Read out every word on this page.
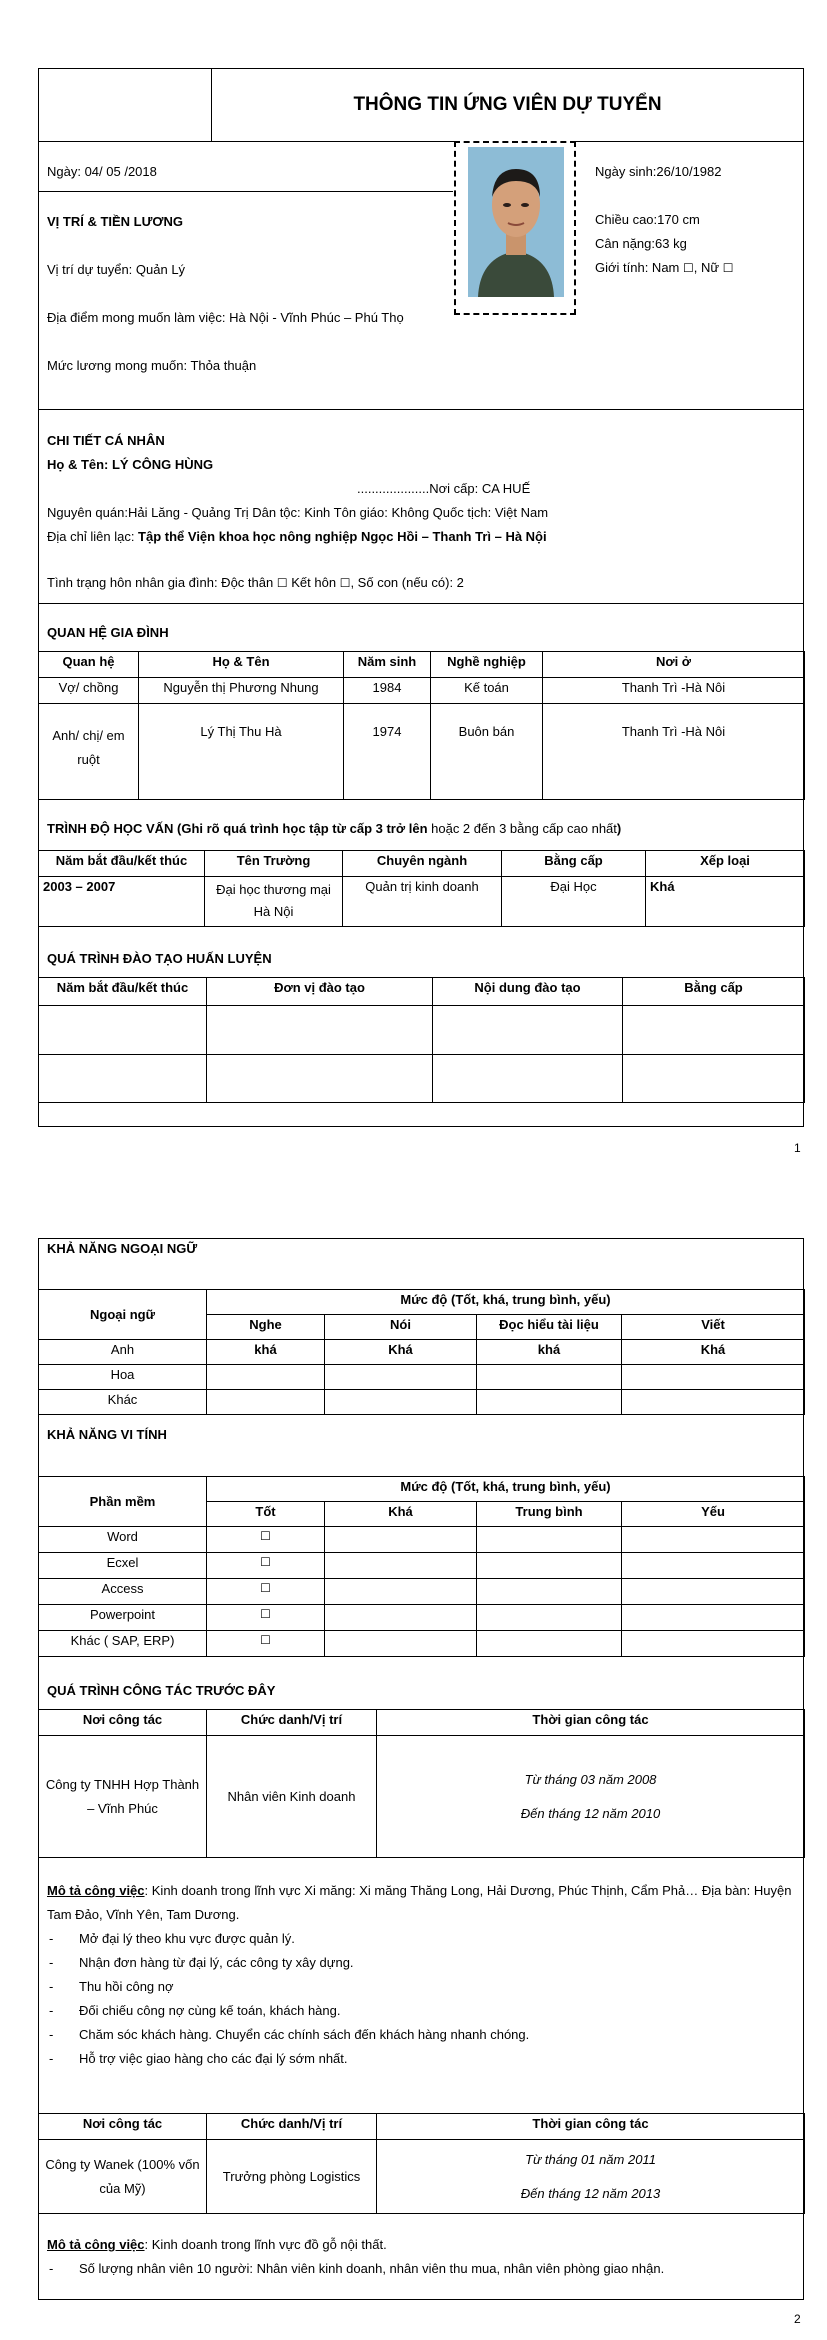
THÔNG TIN ỨNG VIÊN DỰ TUYỂN
Ngày: 04/ 05 /2018
VỊ TRÍ & TIỀN LƯƠNG
Vị trí dự tuyển: Quản Lý
Địa điểm mong muốn làm việc: Hà Nội - Vĩnh Phúc – Phú Thọ
Mức lương mong muốn: Thỏa thuận
Ngày sinh:26/10/1982
Chiều cao:170 cm
Cân nặng:63 kg
Giới tính: Nam ☐, Nữ ☐
CHI TIẾT CÁ NHÂN
Họ & Tên: LÝ CÔNG HÙNG
....................Nơi cấp: CA HUẾ
Nguyên quán:Hải Lăng - Quảng Trị Dân tộc: Kinh Tôn giáo: Không Quốc tịch: Việt Nam
Địa chỉ liên lạc: Tập thể Viện khoa học nông nghiệp Ngọc Hồi – Thanh Trì – Hà Nội
Tình trạng hôn nhân gia đình: Độc thân ☐ Kết hôn ☐, Số con (nếu có): 2
QUAN HỆ GIA ĐÌNH
Quan hệ	Họ & Tên	Năm sinh	Nghề nghiệp	Nơi ở
Vợ/ chồng	Nguyễn thị Phương Nhung	1984	Kế toán	Thanh Trì -Hà Nôi
Anh/ chị/ em ruột	Lý Thị Thu Hà	1974	Buôn bán	Thanh Trì -Hà Nôi
TRÌNH ĐỘ HỌC VẤN (Ghi rõ quá trình học tập từ cấp 3 trở lên hoặc 2 đến 3 bằng cấp cao nhất)
Năm bắt đầu/kết thúc	Tên Trường	Chuyên ngành	Bằng cấp	Xếp loại
2003 – 2007	Đại học thương mại Hà Nội	Quản trị kinh doanh	Đại Học	Khá
QUÁ TRÌNH ĐÀO TẠO HUẤN LUYỆN
Năm bắt đầu/kết thúc	Đơn vị đào tạo	Nội dung đào tạo	Bằng cấp

1
KHẢ NĂNG NGOẠI NGỮ
Ngoại ngữ	Mức độ (Tốt, khá, trung bình, yếu)			
	Nghe	Nói	Đọc hiểu tài liệu	Viết
Anh	khá	Khá	khá	Khá
Hoa				
Khác				
KHẢ NĂNG VI TÍNH
Phần mềm	Mức độ (Tốt, khá, trung bình, yếu)			
	Tốt	Khá	Trung bình	Yếu
Word	☐			
Ecxel	☐			
Access	☐			
Powerpoint	☐			
Khác ( SAP, ERP)	☐			
QUÁ TRÌNH CÔNG TÁC TRƯỚC ĐÂY
Nơi công tác	Chức danh/Vị trí	Thời gian công tác
Công ty TNHH Hợp Thành – Vĩnh Phúc	Nhân viên Kinh doanh	Từ tháng 03 năm 2008
Đến tháng 12 năm 2010
Mô tả công việc: Kinh doanh trong lĩnh vực Xi măng: Xi măng Thăng Long, Hải Dương, Phúc Thịnh, Cẩm Phả… Địa bàn: Huyện Tam Đảo, Vĩnh Yên, Tam Dương.
- Mở đại lý theo khu vực được quản lý.
- Nhận đơn hàng từ đại lý, các công ty xây dựng.
- Thu hồi công nợ
- Đối chiếu công nợ cùng kế toán, khách hàng.
- Chăm sóc khách hàng. Chuyển các chính sách đến khách hàng nhanh chóng.
- Hỗ trợ việc giao hàng cho các đại lý sớm nhất.
Nơi công tác	Chức danh/Vị trí	Thời gian công tác
Công ty Wanek (100% vốn của Mỹ)	Trưởng phòng Logistics	Từ tháng 01 năm 2011
Đến tháng 12 năm 2013
Mô tả công việc: Kinh doanh trong lĩnh vực đồ gỗ nội thất.
- Số lượng nhân viên 10 người: Nhân viên kinh doanh, nhân viên thu mua, nhân viên phòng giao nhận.
2
